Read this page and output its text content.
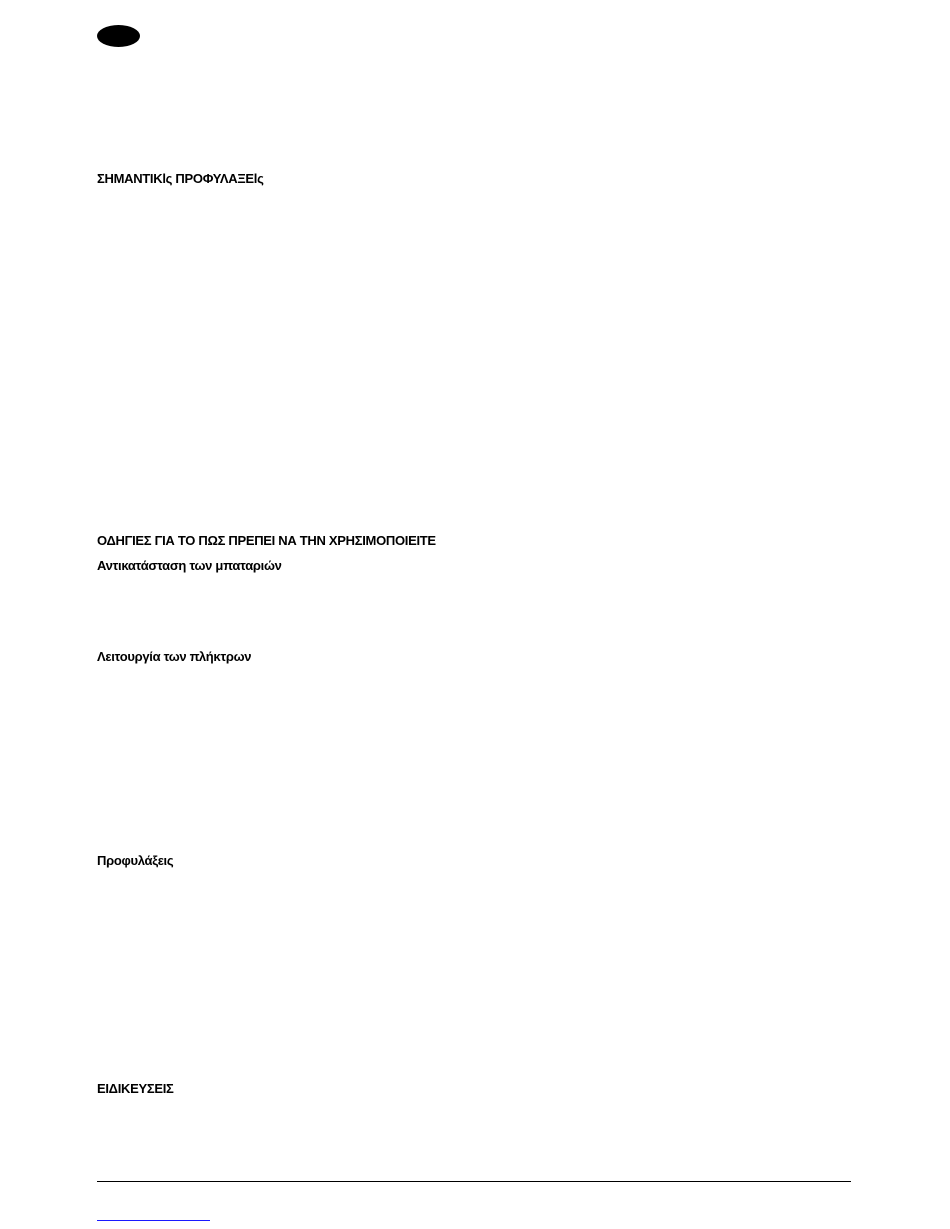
ΣΗΜΑΝΤΙΚlς ΠΡΟΦΥΛΑΞΕlς
ΟΔΗΓΙΕΣ ΓΙΑ ΤΟ ΠΩΣ ΠΡΕΠΕΙ ΝΑ ΤΗΝ ΧΡΗΣΙΜΟΠΟΙΕΙΤΕ
Αντικατάσταση των μπαταριών
Λειτουργία των πλήκτρων
Προφυλάξεις
ΕΙΔΙΚΕΥΣΕΙΣ
